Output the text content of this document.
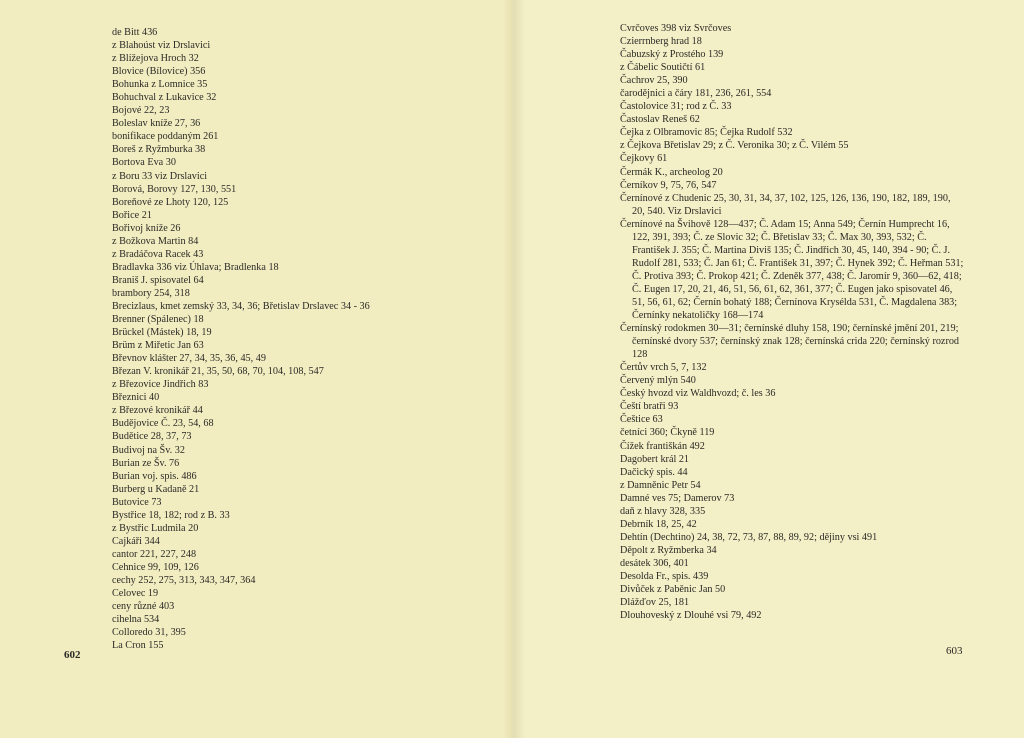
de Bitt 436
z Blahoúst viz Drslavici
z Blížejova Hroch 32
Blovice (Bílovice) 356
Bohunka z Lomnice 35
Bohuchval z Lukavice 32
Bojové 22, 23
Boleslav kníže 27, 36
bonifikace poddaným 261
Boreš z Ryžmburka 38
Bortova Eva 30
z Boru 33 viz Drslavici
Borová, Borovy 127, 130, 551
Boreňové ze Lhoty 120, 125
Bořice 21
Bořivoj kníže 26
z Božkova Martin 84
z Bradáčova Racek 43
Bradlavka 336 viz Úhlava; Bradlenka 18
Braniš J. spisovatel 64
brambory 254, 318
Brecizlaus, kmet zemský 33, 34, 36; Břetislav Drslavec 34 - 36
Brenner (Spálenec) 18
Brückel (Mástek) 18, 19
Brüm z Miřetic Jan 63
Břevnov klášter 27, 34, 35, 36, 45, 49
Březan V. kronikář 21, 35, 50, 68, 70, 104, 108, 547
z Březovice Jindřich 83
Březnici 40
z Březové kronikář 44
Budějovice Č. 23, 54, 68
Budětice 28, 37, 73
Budivoj na Šv. 32
Burian ze Šv. 76
Burian voj. spis. 486
Burberg u Kadaně 21
Butovice 73
Bystřice 18, 182; rod z B. 33
z Bystřic Ludmila 20
Cajkáři 344
cantor 221, 227, 248
Cehnice 99, 109, 126
cechy 252, 275, 313, 343, 347, 364
Celovec 19
ceny různé 403
cihelna 534
Colloredo 31, 395
La Cron 155
Cvrčoves 398 viz Svrčoves
Czierrnberg hrad 18
Čabuzský z Prostého 139
z Čábelic Soutičtí 61
Čachrov 25, 390
čarodějnici a čáry 181, 236, 261, 554
Častolovice 31; rod z Č. 33
Častoslav Reneš 62
Čejka z Olbramovic 85; Čejka Rudolf 532
z Čejkova Břetislav 29; z Č. Veronika 30; z Č. Vilém 55
Čejkovy 61
Čermák K., archeolog 20
Černíkov 9, 75, 76, 547
Černínové z Chudenic 25, 30, 31, 34, 37, 102, 125, 126, 136, 190, 182, 189, 190, 20, 540. Viz Drslavici
Černínové na Švihově 128—437; Č. Adam 15; Anna 549; Černín Humprecht 16, 122, 391, 393; Č. ze Slovic 32; Č. Břetislav 33; Č. Max 30, 393, 532; Č. František J. 355; Č. Martina Diviš 135; Č. Jindřich 30, 45, 140, 394 - 90; Č. J. Rudolf 281, 533; Č. Jan 61; Č. František 31, 397; Č. Hynek 392; Č. Heřman 531; Č. Protiva 393; Č. Prokop 421; Č. Zdeněk 377, 438; Č. Jaromír 9, 360—62, 418; Č. Eugen 17, 20, 21, 46, 51, 56, 61, 62, 361, 377; Č. Eugen jako spisovatel 46, 51, 56, 61, 62; Černín bohatý 188; Černínova Krysélda 531, Č. Magdalena 383; Černínky nekatoličky 168—174
Černínský rodokmen 30—31; černínské dluhy 158, 190; černínské jmění 201, 219; černínské dvory 537; černínský znak 128; černínská crida 220; černínský rozrod 128
Čertův vrch 5, 7, 132
Červený mlýn 540
Český hvozd viz Waldhvozd; č. les 36
Čeští bratři 93
Češtice 63
četníci 360; Čkyně 119
Čížek františkán 492
Dagobert král 21
Dačický spis. 44
z Damněnic Petr 54
Damné ves 75; Damerov 73
daň z hlavy 328, 335
Debrník 18, 25, 42
Dehtín (Dechtino) 24, 38, 72, 73, 87, 88, 89, 92; dějiny vsi 491
Děpolt z Ryžmberka 34
desátek 306, 401
Desolda Fr., spis. 439
Divůček z Paběnic Jan 50
Dlážďov 25, 181
Dlouhoveský z Dlouhé vsi 79, 492
602	603
